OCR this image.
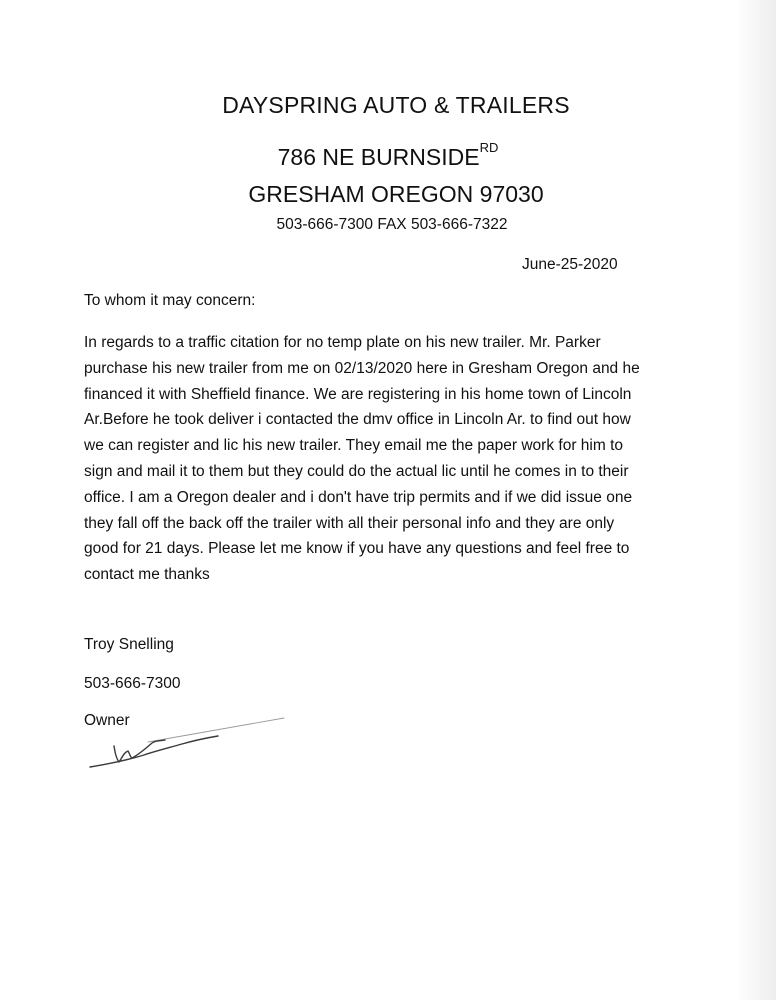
DAYSPRING AUTO & TRAILERS
786 NE $BURNSIDE^{RD}$
GRESHAM OREGON 97030
503-666-7300 FAX 503-666-7322
June-25-2020
To whom it may concern:
In regards to a traffic citation for no temp plate on his new trailer. Mr. Parker
purchase his new trailer from me on 02/13/2020 here in Gresham Oregon and he
financed it with Sheffield finance. We are registering in his home town of Lincoln
Ar.Before he took deliver i contacted the dmv office in Lincoln Ar. to find out how
we can register and lic his new trailer. They email me the paper work for him to
sign and mail it to them but they could do the actual lic until he comes in to their
office. I am a Oregon dealer and i don't have trip permits and if we did issue one
they fall off the back off the trailer with all their personal info and they are only
good for 21 days. Please let me know if you have any questions and feel free to
contact me thanks
Troy Snelling
503-666-7300
Owner
